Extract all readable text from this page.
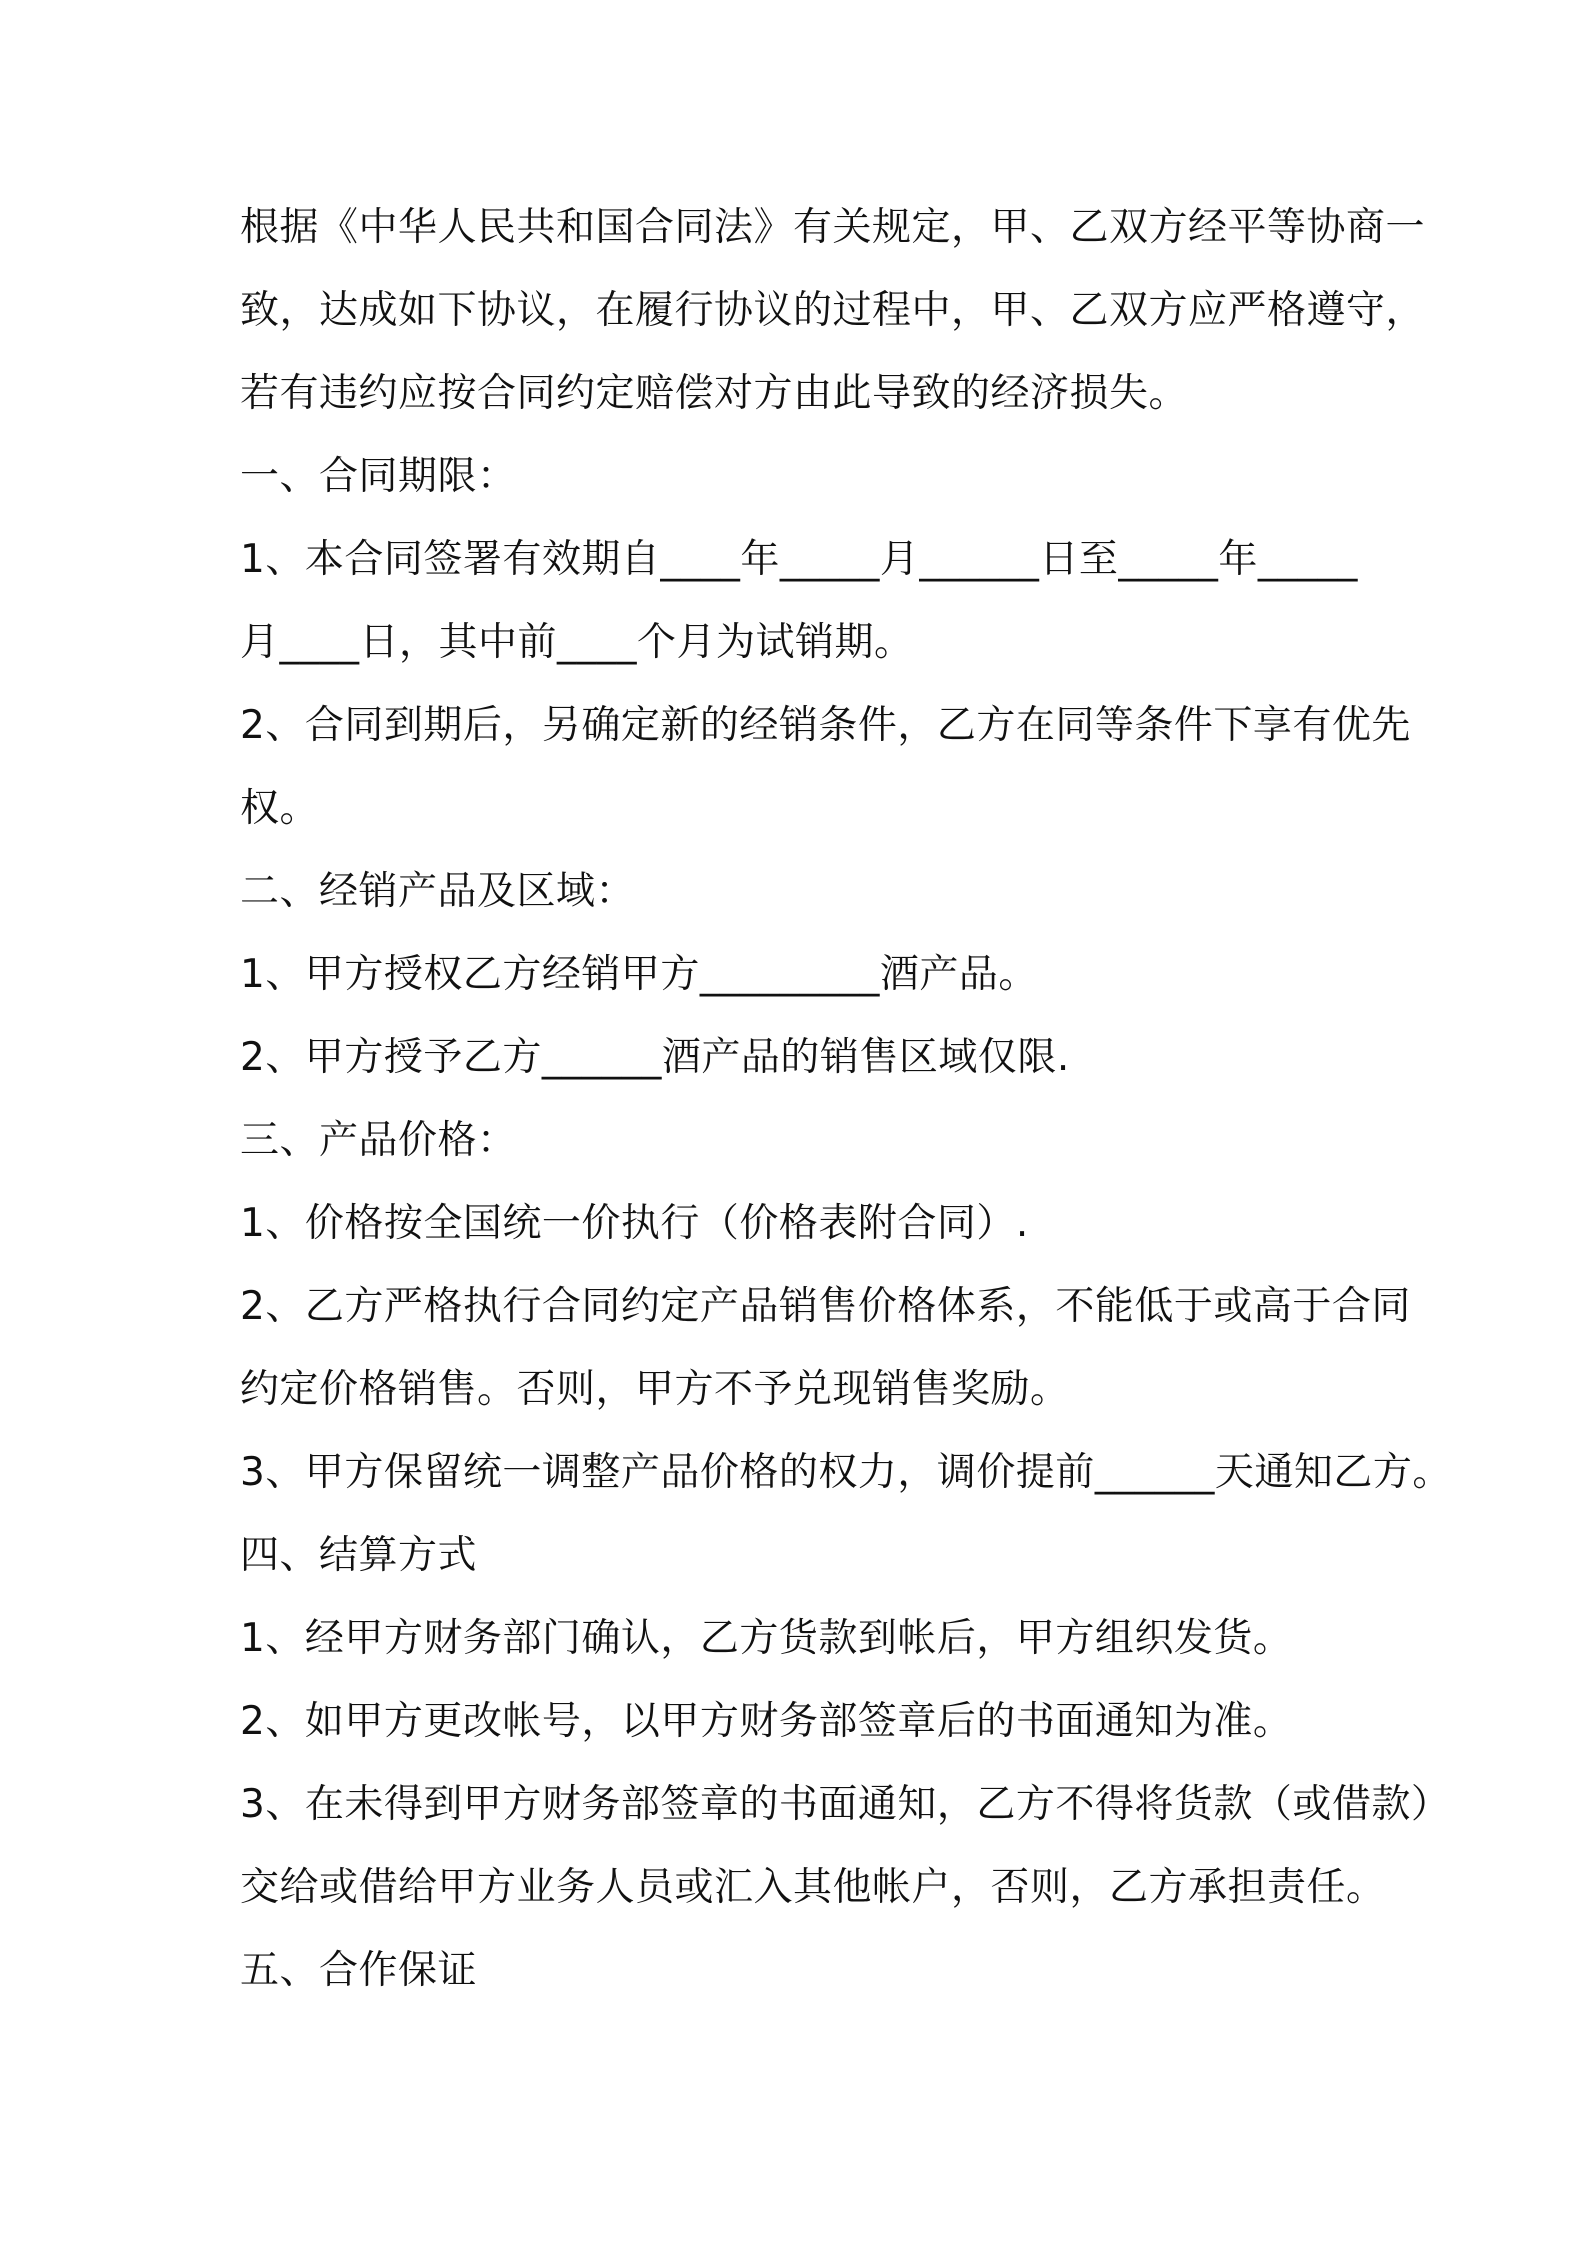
根据《中华人民共和国合同法》有关规定，甲、乙双方经平等协商一
致，达成如下协议，在履行协议的过程中，甲、乙双方应严格遵守，
若有违约应按合同约定赔偿对方由此导致的经济损失。
一、合同期限：
1、本合同签署有效期自____年_____月______日至_____年_____
月____日，其中前____个月为试销期。
2、合同到期后，另确定新的经销条件，乙方在同等条件下享有优先
权。
二、经销产品及区域：
1、甲方授权乙方经销甲方_________酒产品。
2、甲方授予乙方______酒产品的销售区域仅限.
三、产品价格：
1、价格按全国统一价执行（价格表附合同）.
2、乙方严格执行合同约定产品销售价格体系，不能低于或高于合同
约定价格销售。否则，甲方不予兑现销售奖励。
3、甲方保留统一调整产品价格的权力，调价提前______天通知乙方。
四、结算方式
1、经甲方财务部门确认，乙方货款到帐后，甲方组织发货。
2、如甲方更改帐号，以甲方财务部签章后的书面通知为准。
3、在未得到甲方财务部签章的书面通知，乙方不得将货款（或借款）
交给或借给甲方业务人员或汇入其他帐户，否则，乙方承担责任。
五、合作保证
